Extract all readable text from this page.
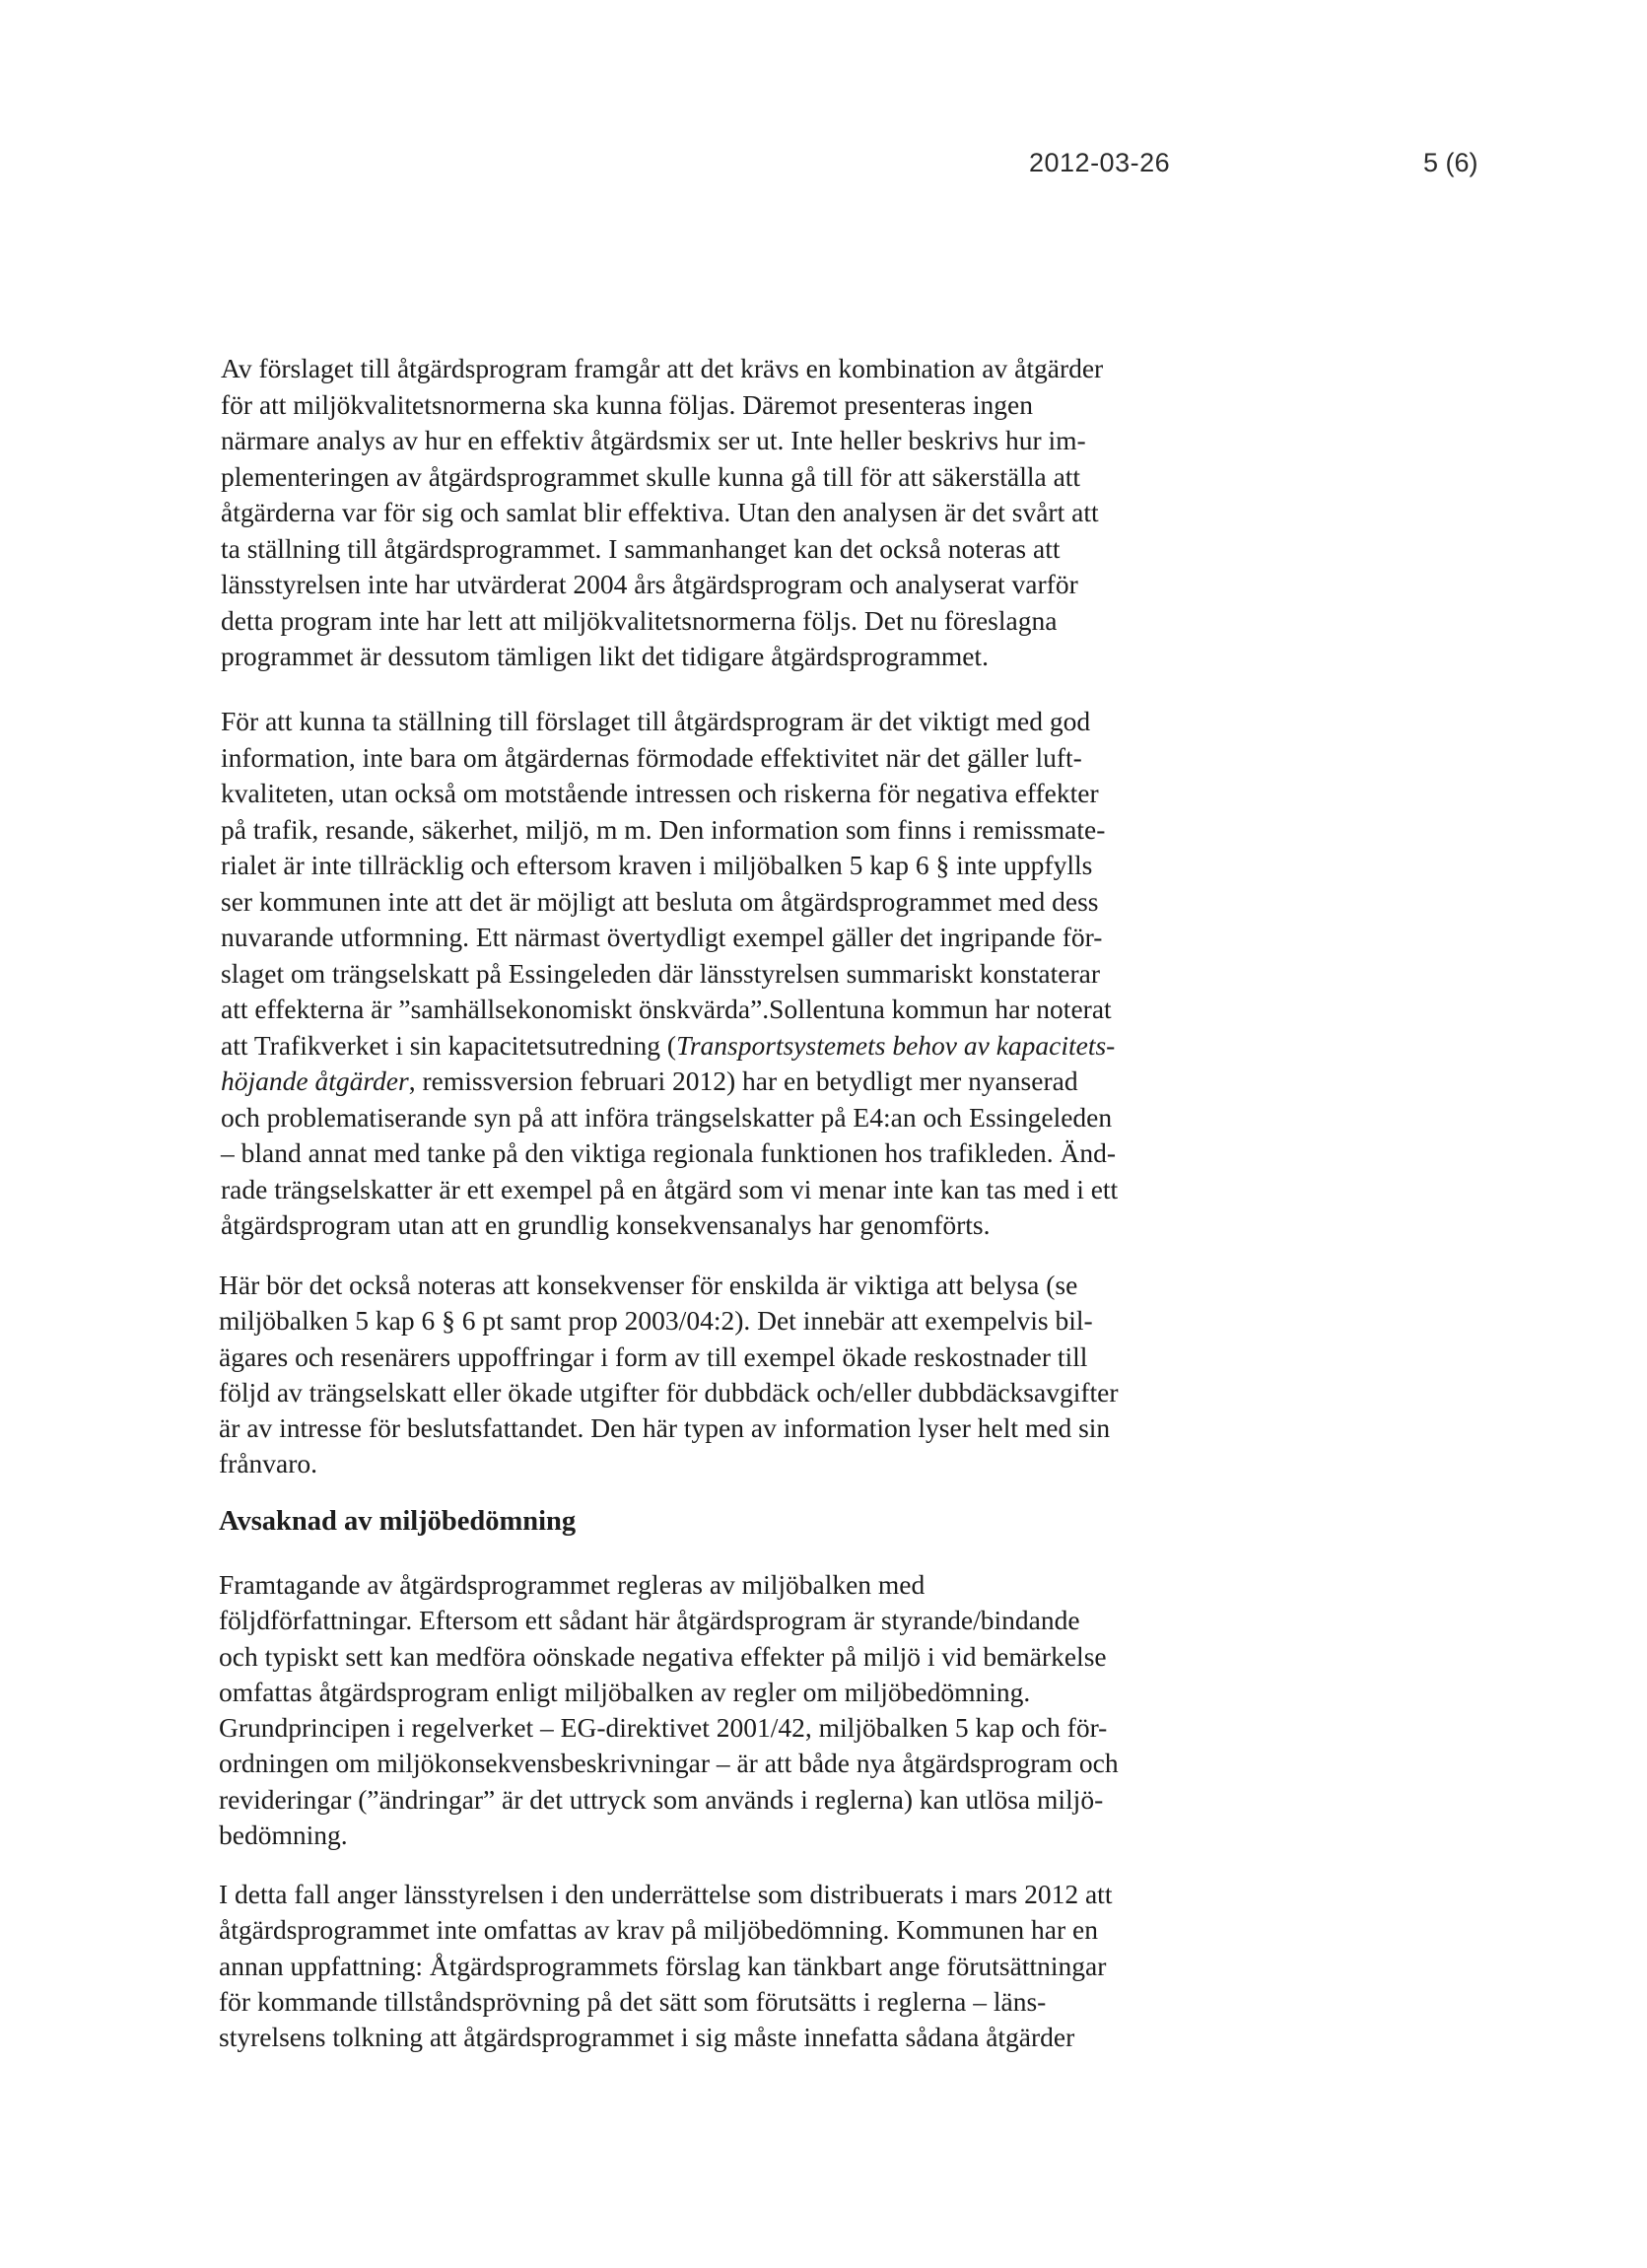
2012-03-26	5 (6)
Av förslaget till åtgärdsprogram framgår att det krävs en kombination av åtgärder
för att miljökvalitetsnormerna ska kunna följas. Däremot presenteras ingen
närmare analys av hur en effektiv åtgärdsmix ser ut. Inte heller beskrivs hur im-
plementeringen av åtgärdsprogrammet skulle kunna gå till för att säkerställa att
åtgärderna var för sig och samlat blir effektiva. Utan den analysen är det svårt att
ta ställning till åtgärdsprogrammet. I sammanhanget kan det också noteras att
länsstyrelsen inte har utvärderat 2004 års åtgärdsprogram och analyserat varför
detta program inte har lett att miljökvalitetsnormerna följs. Det nu föreslagna
programmet är dessutom tämligen likt det tidigare åtgärdsprogrammet.
För att kunna ta ställning till förslaget till åtgärdsprogram är det viktigt med god
information, inte bara om åtgärdernas förmodade effektivitet när det gäller luft-
kvaliteten, utan också om motstående intressen och riskerna för negativa effekter
på trafik, resande, säkerhet, miljö, m m. Den information som finns i remissmate-
rialet är inte tillräcklig och eftersom kraven i miljöbalken 5 kap 6 § inte uppfylls
ser kommunen inte att det är möjligt att besluta om åtgärdsprogrammet med dess
nuvarande utformning. Ett närmast övertydligt exempel gäller det ingripande för-
slaget om trängselskatt på Essingeleden där länsstyrelsen summariskt konstaterar
att effekterna är ”samhällsekonomiskt önskvärda”.Sollentuna kommun har noterat
att Trafikverket i sin kapacitetsutredning (Transportsystemets behov av kapacitets-
höjande åtgärder, remissversion februari 2012) har en betydligt mer nyanserad
och problematiserande syn på att införa trängselskatter på E4:an och Essingeleden
– bland annat med tanke på den viktiga regionala funktionen hos trafikleden. Änd-
rade trängselskatter är ett exempel på en åtgärd som vi menar inte kan tas med i ett
åtgärdsprogram utan att en grundlig konsekvensanalys har genomförts.
Här bör det också noteras att konsekvenser för enskilda är viktiga att belysa (se
miljöbalken 5 kap 6 § 6 pt samt prop 2003/04:2). Det innebär att exempelvis bil-
ägares och resenärers uppoffringar i form av till exempel ökade reskostnader till
följd av trängselskatt eller ökade utgifter för dubbdäck och/eller dubbdäcksavgifter
är av intresse för beslutsfattandet. Den här typen av information lyser helt med sin
frånvaro.
Avsaknad av miljöbedömning
Framtagande av åtgärdsprogrammet regleras av miljöbalken med
följdförfattningar. Eftersom ett sådant här åtgärdsprogram är styrande/bindande
och typiskt sett kan medföra oönskade negativa effekter på miljö i vid bemärkelse
omfattas åtgärdsprogram enligt miljöbalken av regler om miljöbedömning.
Grundprincipen i regelverket – EG-direktivet 2001/42, miljöbalken 5 kap och för-
ordningen om miljökonsekvensbeskrivningar – är att både nya åtgärdsprogram och
revideringar (”ändringar” är det uttryck som används i reglerna) kan utlösa miljö-
bedömning.
I detta fall anger länsstyrelsen i den underrättelse som distribuerats i mars 2012 att
åtgärdsprogrammet inte omfattas av krav på miljöbedömning. Kommunen har en
annan uppfattning: Åtgärdsprogrammets förslag kan tänkbart ange förutsättningar
för kommande tillståndsprövning på det sätt som förutsätts i reglerna – läns-
styrelsens tolkning att åtgärdsprogrammet i sig måste innefatta sådana åtgärder
